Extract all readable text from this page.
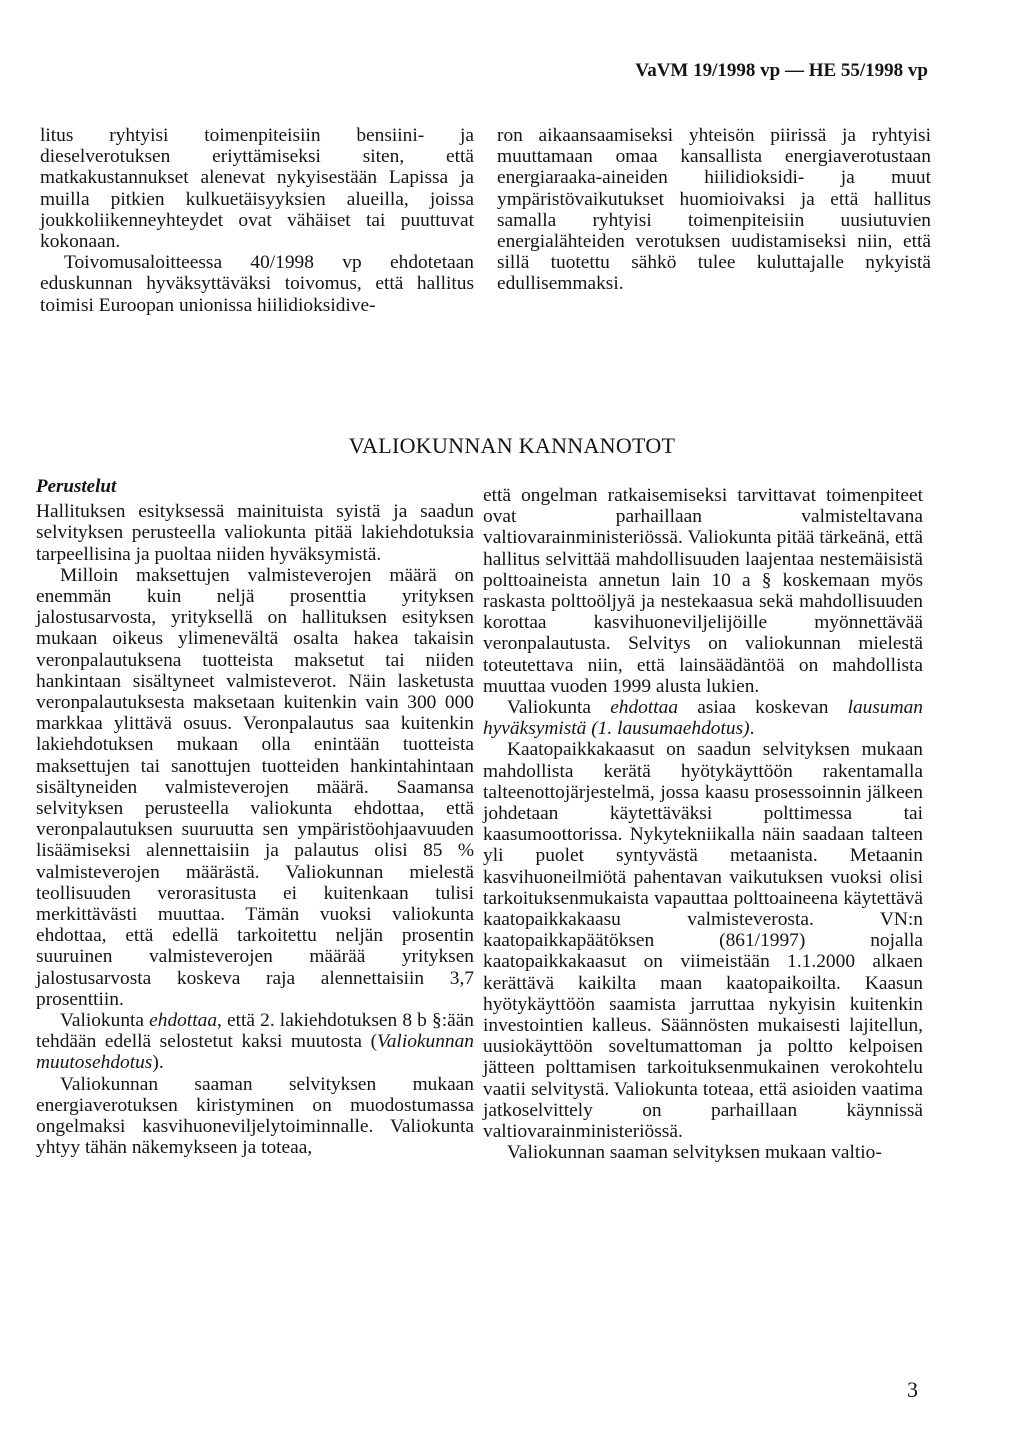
VaVM 19/1998 vp — HE 55/1998 vp

litus ryhtyisi toimenpiteisiin bensiini- ja dieselverotuksen eriyttämiseksi siten, että matkakustannukset alenevat nykyisestään Lapissa ja muilla pitkien kulkuetäisyyksien alueilla, joissa joukkoliikenneyhteydet ovat vähäiset tai puuttuvat kokonaan.

Toivomusaloitteessa 40/1998 vp ehdotetaan eduskunnan hyväksyttäväksi toivomus, että hallitus toimisi Euroopan unionissa hiilidioksidive-

ron aikaansaamiseksi yhteisön piirissä ja ryhtyisi muuttamaan omaa kansallista energiaverotustaan energiaraaka-aineiden hiilidioksidi- ja muut ympäristövaikutukset huomioivaksi ja että hallitus samalla ryhtyisi toimenpiteisiin uusiutuvien energialähteiden verotuksen uudistamiseksi niin, että sillä tuotettu sähkö tulee kuluttajalle nykyistä edullisemmaksi.

VALIOKUNNAN KANNANOTOT
Perustelut

Hallituksen esityksessä mainituista syistä ja saadun selvityksen perusteella valiokunta pitää lakiehdotuksia tarpeellisina ja puoltaa niiden hyväksymistä.

Milloin maksettujen valmisteverojen määrä on enemmän kuin neljä prosenttia yrityksen jalostusarvosta, yrityksellä on hallituksen esityksen mukaan oikeus ylimenevältä osalta hakea takaisin veronpalautuksena tuotteista maksetut tai niiden hankintaan sisältyneet valmisteverot. Näin lasketusta veronpalautuksesta maksetaan kuitenkin vain 300 000 markkaa ylittävä osuus. Veronpalautus saa kuitenkin lakiehdotuksen mukaan olla enintään tuotteista maksettujen tai sanottujen tuotteiden hankintahintaan sisältyneiden valmisteverojen määrä. Saamansa selvityksen perusteella valiokunta ehdottaa, että veronpalautuksen suuruutta sen ympäristöohjaavuuden lisäämiseksi alennettaisiin ja palautus olisi 85 % valmisteverojen määrästä. Valiokunnan mielestä teollisuuden verorasitusta ei kuitenkaan tulisi merkittävästi muuttaa. Tämän vuoksi valiokunta ehdottaa, että edellä tarkoitettu neljän prosentin suuruinen valmisteverojen määrää yrityksen jalostusarvosta koskeva raja alennettaisiin 3,7 prosenttiin.

Valiokunta ehdottaa, että 2. lakiehdotuksen 8 b §:ään tehdään edellä selostetut kaksi muutosta (Valiokunnan muutosehdotus).

Valiokunnan saaman selvityksen mukaan energiaverotuksen kiristyminen on muodostumassa ongelmaksi kasvihuoneviljelytoiminnalle. Valiokunta yhtyy tähän näkemykseen ja toteaa,

että ongelman ratkaisemiseksi tarvittavat toimenpiteet ovat parhaillaan valmisteltavana valtiovarainministeriössä. Valiokunta pitää tärkeänä, että hallitus selvittää mahdollisuuden laajentaa nestemäisistä polttoaineista annetun lain 10 a § koskemaan myös raskasta polttoöljyä ja nestekaasua sekä mahdollisuuden korottaa kasvihuoneviljelijöille myönnettävää veronpalautusta. Selvitys on valiokunnan mielestä toteutettava niin, että lainsäädäntöä on mahdollista muuttaa vuoden 1999 alusta lukien.

Valiokunta ehdottaa asiaa koskevan lausuman hyväksymistä (1. lausumaehdotus).

Kaatopaikkakaasut on saadun selvityksen mukaan mahdollista kerätä hyötykäyttöön rakentamalla talteenottojärjestelmä, jossa kaasu prosessoinnin jälkeen johdetaan käytettäväksi polttimessa tai kaasumoottorissa. Nykytekniikalla näin saadaan talteen yli puolet syntyvästä metaanista. Metaanin kasvihuoneilmiötä pahentavan vaikutuksen vuoksi olisi tarkoituksenmukaista vapauttaa polttoaineena käytettävä kaatopaikkakaasu valmisteverosta. VN:n kaatopaikkapäätöksen (861/1997) nojalla kaatopaikkakaasut on viimeistään 1.1.2000 alkaen kerättävä kaikilta maan kaatopaikoilta. Kaasun hyötykäyttöön saamista jarruttaa nykyisin kuitenkin investointien kalleus. Säännösten mukaisesti lajitellun, uusiokäyttöön soveltumattoman ja poltto kelpoisen jätteen polttamisen tarkoituksenmukainen verokohtelu vaatii selvitystä. Valiokunta toteaa, että asioiden vaatima jatkoselvittely on parhaillaan käynnissä valtiovarainministeriössä.

Valiokunnan saaman selvityksen mukaan valtio-

3
